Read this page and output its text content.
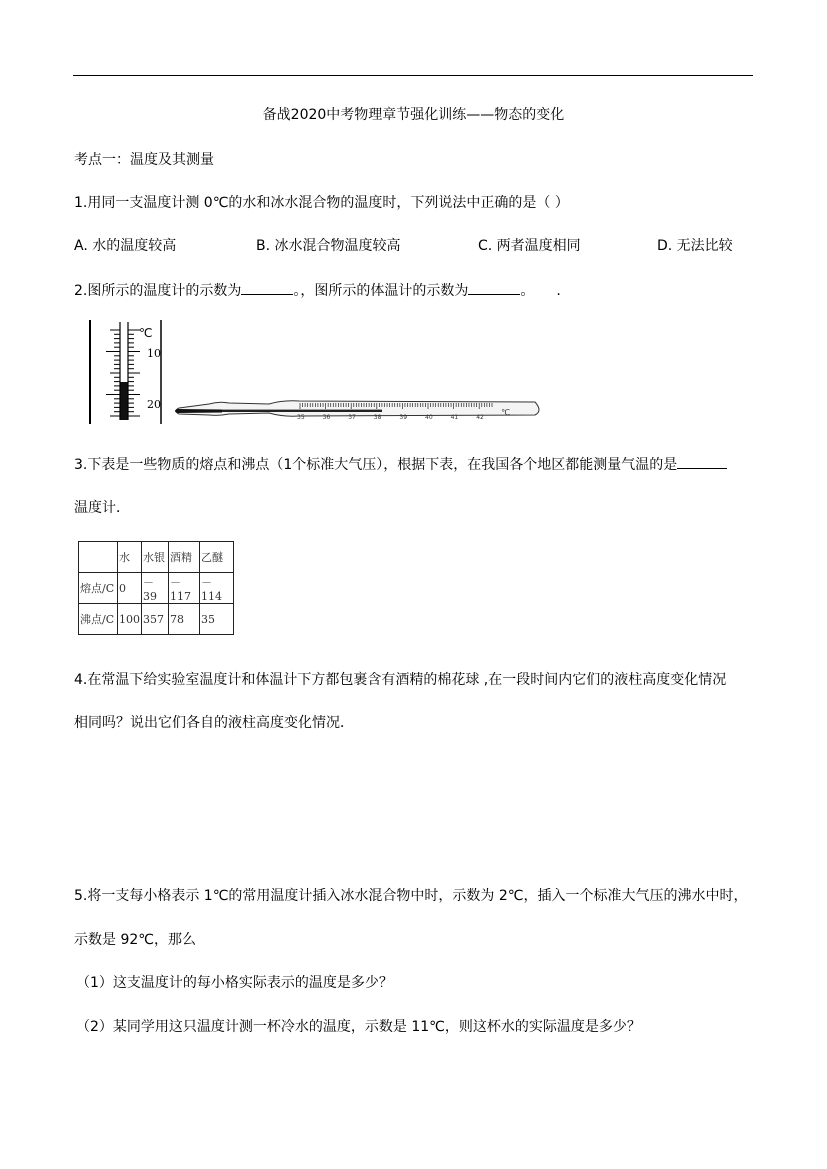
备战2020中考物理章节强化训练——物态的变化
考点一：温度及其测量
1.用同一支温度计测 0℃的水和冰水混合物的温度时，下列说法中正确的是（ ）
A. 水的温度较高	B. 冰水混合物温度较高	C. 两者温度相同	D. 无法比较
2.图所示的温度计的示数为	。，图所示的体温计的示数为	。 .
℃
10
20
35	36	37	38	39	40	41	42
℃
3.下表是一些物质的熔点和沸点（1个标准大气压），根据下表，在我国各个地区都能测量气温的是
温度计．
	水	水银	酒精	乙醚
熔点/C	0	－39	－117	－114
沸点/C	100	357	78	35
4.在常温下给实验室温度计和体温计下方都包裹含有酒精的棉花球 ,在一段时间内它们的液柱高度变化情况
相同吗？说出它们各自的液柱高度变化情况．
5.将一支每小格表示 1℃的常用温度计插入冰水混合物中时，示数为 2℃，插入一个标准大气压的沸水中时，
示数是 92℃，那么
（1）这支温度计的每小格实际表示的温度是多少？
（2）某同学用这只温度计测一杯冷水的温度，示数是 11℃，则这杯水的实际温度是多少？
